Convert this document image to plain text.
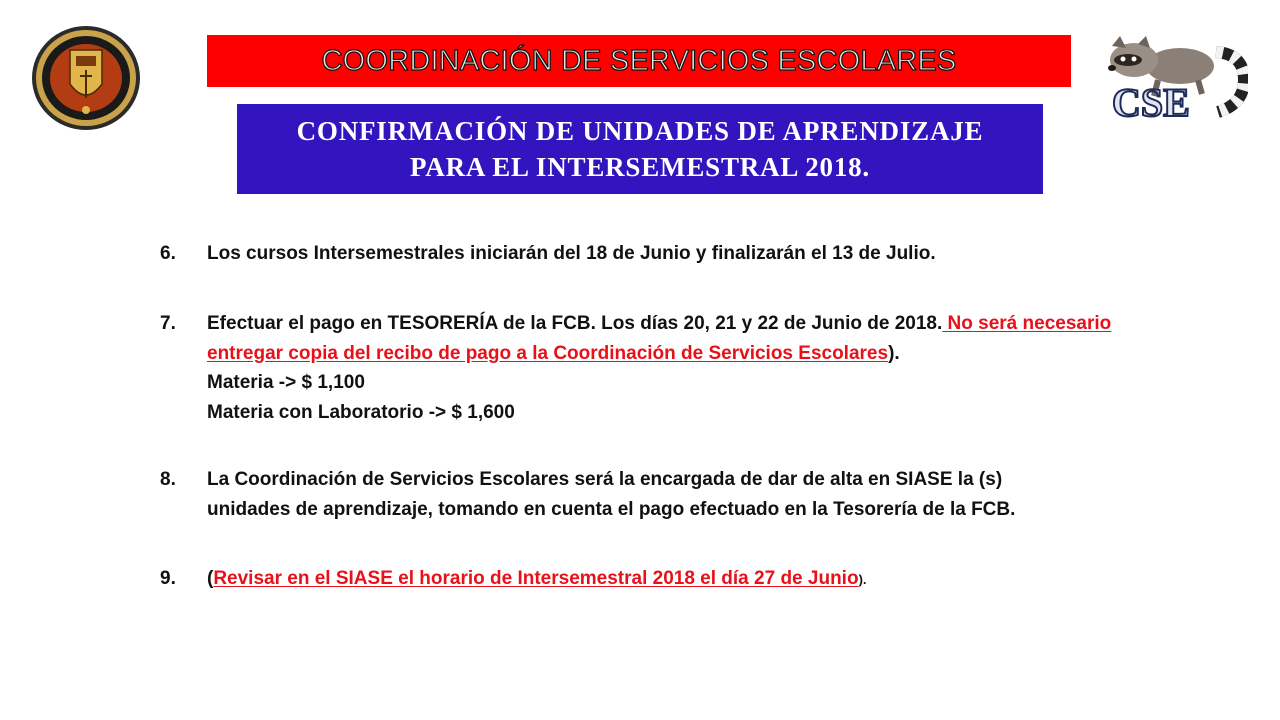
COORDINACIÓN DE SERVICIOS ESCOLARES
CSE
CONFIRMACIÓN DE UNIDADES DE APRENDIZAJE
PARA EL INTERSEMESTRAL 2018.
6.	Los cursos Intersemestrales iniciarán del 18 de Junio y finalizarán el 13 de Julio.
7.	Efectuar el pago en TESORERÍA de la FCB. Los días 20, 21 y 22 de Junio de 2018. No será necesario entregar copia del recibo de pago a la Coordinación de Servicios Escolares).
Materia -> $ 1,100
Materia con Laboratorio -> $ 1,600
8.	La Coordinación de Servicios Escolares será la encargada de dar de alta en SIASE la (s)
unidades de aprendizaje, tomando en cuenta el pago efectuado en la Tesorería de la FCB.
9.	(Revisar en el SIASE el horario de Intersemestral 2018 el día 27 de Junio).
